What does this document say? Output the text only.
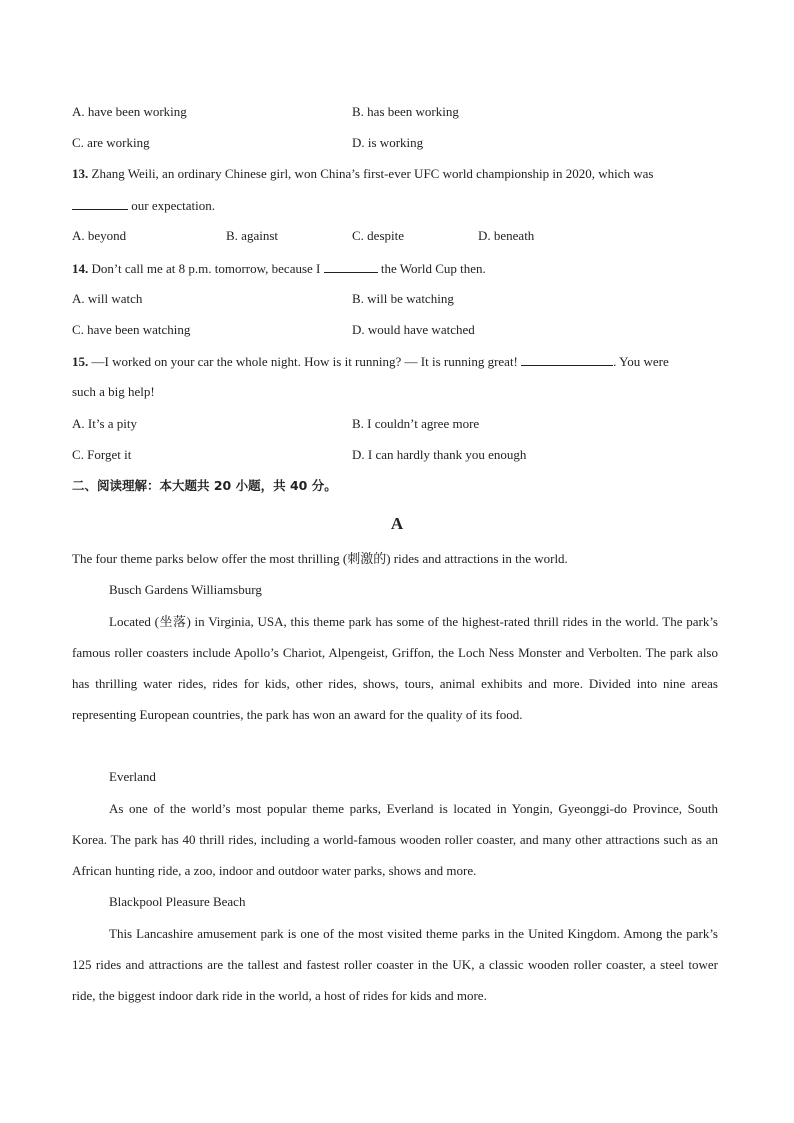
A. have been working	B. has been working
C. are working	D. is working
13. Zhang Weili, an ordinary Chinese girl, won China’s first-ever UFC world championship in 2020, which was
our expectation.
A. beyond	B. against	C. despite	D. beneath
14. Don’t call me at 8 p.m. tomorrow, because I	the World Cup then.
A. will watch	B. will be watching
C. have been watching	D. would have watched
15. —I worked on your car the whole night. How is it running? — It is running great!	. You were
such a big help!
A. It’s a pity	B. I couldn’t agree more
C. Forget it	D. I can hardly thank you enough
二、阅读理解：本大题共 20 小题，共 40 分。
A
The four theme parks below offer the most thrilling (刺激的) rides and attractions in the world.
Busch Gardens Williamsburg
Located (坐落) in Virginia, USA, this theme park has some of the highest-rated thrill rides in the world. The park’s famous roller coasters include Apollo’s Chariot, Alpengeist, Griffon, the Loch Ness Monster and Verbolten. The park also has thrilling water rides, rides for kids, other rides, shows, tours, animal exhibits and more. Divided into nine areas representing European countries, the park has won an award for the quality of its food.
Everland
As one of the world’s most popular theme parks, Everland is located in Yongin, Gyeonggi-do Province, South Korea. The park has 40 thrill rides, including a world-famous wooden roller coaster, and many other attractions such as an African hunting ride, a zoo, indoor and outdoor water parks, shows and more.
Blackpool Pleasure Beach
This Lancashire amusement park is one of the most visited theme parks in the United Kingdom. Among the park’s 125 rides and attractions are the tallest and fastest roller coaster in the UK, a classic wooden roller coaster, a steel tower ride, the biggest indoor dark ride in the world, a host of rides for kids and more.
